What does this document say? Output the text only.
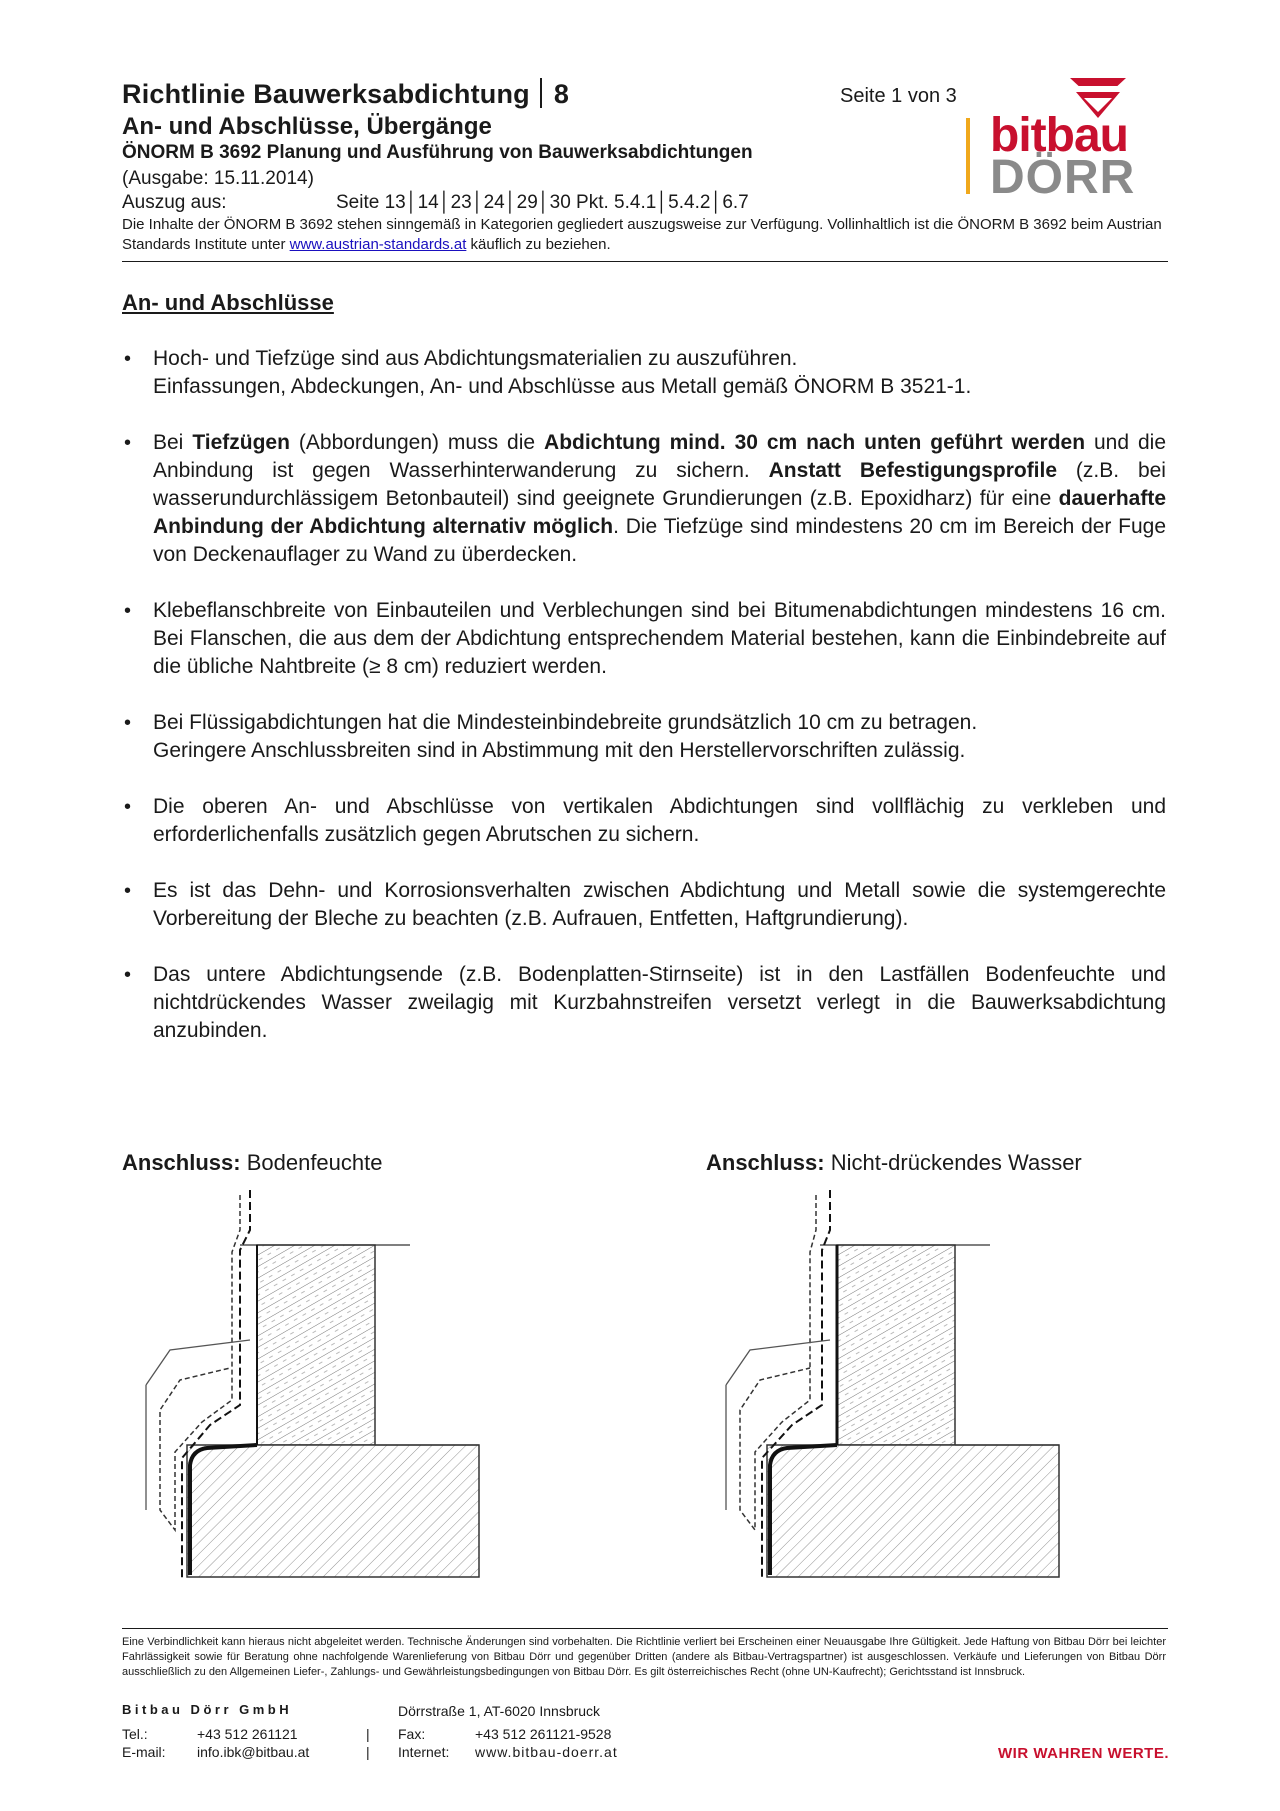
Richtlinie Bauwerksabdichtung 8	Seite 1 von 3
An- und Abschlüsse, Übergänge
ÖNORM B 3692 Planung und Ausführung von Bauwerksabdichtungen
(Ausgabe: 15.11.2014)
Auszug aus:	Seite 13│14│23│24│29│30 Pkt. 5.4.1│5.4.2│6.7
Die Inhalte der ÖNORM B 3692 stehen sinngemäß in Kategorien gegliedert auszugsweise zur Verfügung. Vollinhaltlich ist die ÖNORM B 3692 beim Austrian Standards Institute unter www.austrian-standards.at käuflich zu beziehen.
bitbau
DÖRR
An- und Abschlüsse
• Hoch- und Tiefzüge sind aus Abdichtungsmaterialien zu auszuführen.
Einfassungen, Abdeckungen, An- und Abschlüsse aus Metall gemäß ÖNORM B 3521-1.
• Bei Tiefzügen (Abbordungen) muss die Abdichtung mind. 30 cm nach unten geführt werden und die Anbindung ist gegen Wasserhinterwanderung zu sichern. Anstatt Befestigungsprofile (z.B. bei wasserundurchlässigem Betonbauteil) sind geeignete Grundierungen (z.B. Epoxidharz) für eine dauerhafte Anbindung der Abdichtung alternativ möglich. Die Tiefzüge sind mindestens 20 cm im Bereich der Fuge von Deckenauflager zu Wand zu überdecken.
• Klebeflanschbreite von Einbauteilen und Verblechungen sind bei Bitumenabdichtungen mindestens 16 cm. Bei Flanschen, die aus dem der Abdichtung entsprechendem Material bestehen, kann die Einbindebreite auf die übliche Nahtbreite (≥ 8 cm) reduziert werden.
• Bei Flüssigabdichtungen hat die Mindesteinbindebreite grundsätzlich 10 cm zu betragen.
Geringere Anschlussbreiten sind in Abstimmung mit den Herstellervorschriften zulässig.
• Die oberen An- und Abschlüsse von vertikalen Abdichtungen sind vollflächig zu verkleben und erforderlichenfalls zusätzlich gegen Abrutschen zu sichern.
• Es ist das Dehn- und Korrosionsverhalten zwischen Abdichtung und Metall sowie die systemgerechte Vorbereitung der Bleche zu beachten (z.B. Aufrauen, Entfetten, Haftgrundierung).
• Das untere Abdichtungsende (z.B. Bodenplatten-Stirnseite) ist in den Lastfällen Bodenfeuchte und nichtdrückendes Wasser zweilagig mit Kurzbahnstreifen versetzt verlegt in die Bauwerksabdichtung anzubinden.
Anschluss: Bodenfeuchte	Anschluss: Nicht-drückendes Wasser
Eine Verbindlichkeit kann hieraus nicht abgeleitet werden. Technische Änderungen sind vorbehalten. Die Richtlinie verliert bei Erscheinen einer Neuausgabe Ihre Gültigkeit. Jede Haftung von Bitbau Dörr bei leichter Fahrlässigkeit sowie für Beratung ohne nachfolgende Warenlieferung von Bitbau Dörr und gegenüber Dritten (andere als Bitbau-Vertragspartner) ist ausgeschlossen. Verkäufe und Lieferungen von Bitbau Dörr ausschließlich zu den Allgemeinen Liefer-, Zahlungs- und Gewährleistungsbedingungen von Bitbau Dörr. Es gilt österreichisches Recht (ohne UN-Kaufrecht); Gerichtsstand ist Innsbruck.
Bitbau Dörr GmbH	Dörrstraße 1, AT-6020 Innsbruck
Tel.:	+43 512 261121	| Fax:	+43 512 261121-9528
E-mail: info.ibk@bitbau.at	| Internet: www.bitbau-doerr.at	WIR WAHREN WERTE.
